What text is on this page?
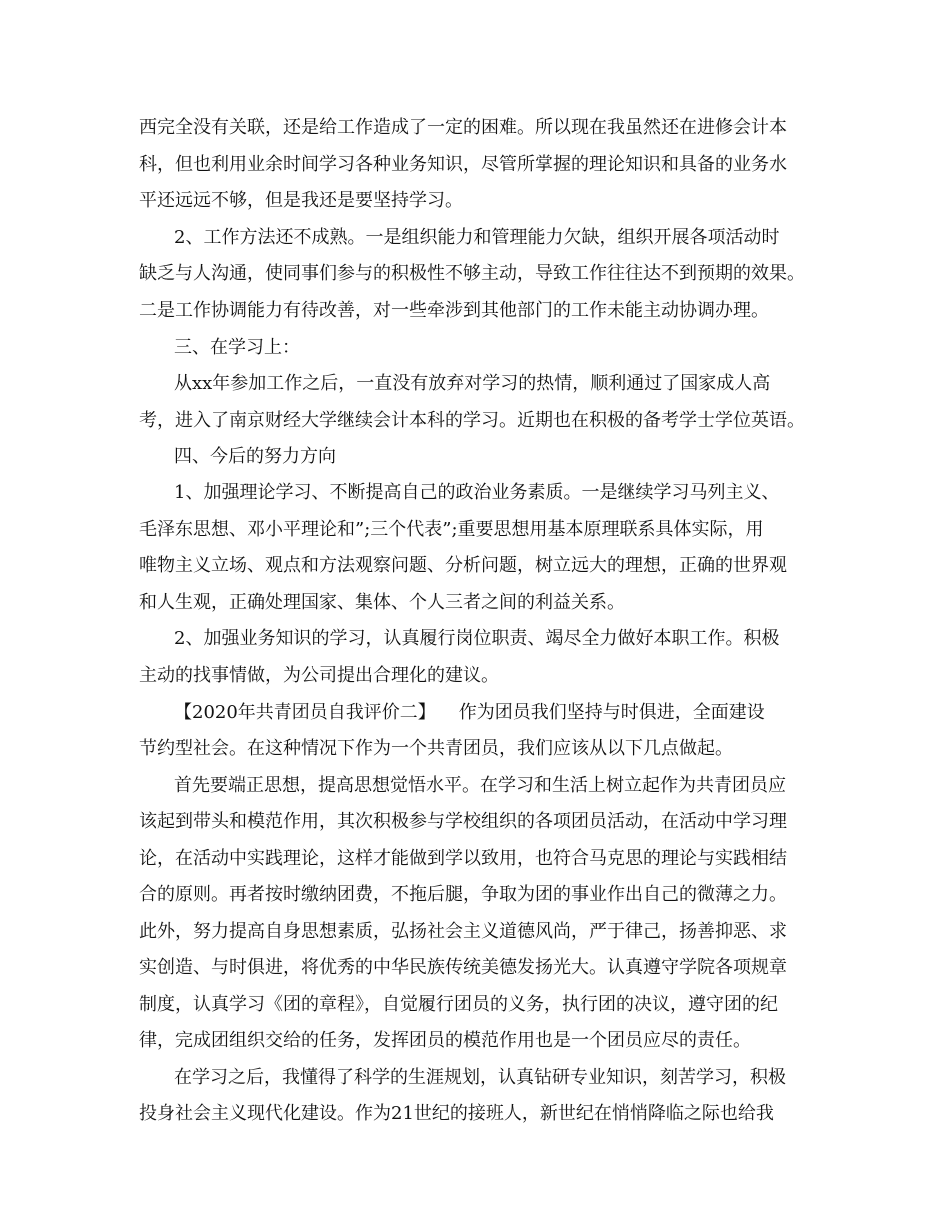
西完全没有关联，还是给工作造成了一定的困难。所以现在我虽然还在进修会计本
科，但也利用业余时间学习各种业务知识，尽管所掌握的理论知识和具备的业务水
平还远远不够，但是我还是要坚持学习。
2、工作方法还不成熟。一是组织能力和管理能力欠缺，组织开展各项活动时
缺乏与人沟通，使同事们参与的积极性不够主动，导致工作往往达不到预期的效果。
二是工作协调能力有待改善，对一些牵涉到其他部门的工作未能主动协调办理。
三、在学习上：
从xx年参加工作之后，一直没有放弃对学习的热情，顺利通过了国家成人高
考，进入了南京财经大学继续会计本科的学习。近期也在积极的备考学士学位英语。
四、今后的努力方向
1、加强理论学习、不断提高自己的政治业务素质。一是继续学习马列主义、
毛泽东思想、邓小平理论和”;三个代表”;重要思想用基本原理联系具体实际，用
唯物主义立场、观点和方法观察问题、分析问题，树立远大的理想，正确的世界观
和人生观，正确处理国家、集体、个人三者之间的利益关系。
2、加强业务知识的学习，认真履行岗位职责、竭尽全力做好本职工作。积极
主动的找事情做，为公司提出合理化的建议。
【2020年共青团员自我评价二】    作为团员我们坚持与时俱进，全面建设
节约型社会。在这种情况下作为一个共青团员，我们应该从以下几点做起。
首先要端正思想，提高思想觉悟水平。在学习和生活上树立起作为共青团员应
该起到带头和模范作用，其次积极参与学校组织的各项团员活动，在活动中学习理
论，在活动中实践理论，这样才能做到学以致用，也符合马克思的理论与实践相结
合的原则。再者按时缴纳团费，不拖后腿，争取为团的事业作出自己的微薄之力。
此外，努力提高自身思想素质，弘扬社会主义道德风尚，严于律己，扬善抑恶、求
实创造、与时俱进，将优秀的中华民族传统美德发扬光大。认真遵守学院各项规章
制度，认真学习《团的章程》，自觉履行团员的义务，执行团的决议，遵守团的纪
律，完成团组织交给的任务，发挥团员的模范作用也是一个团员应尽的责任。
在学习之后，我懂得了科学的生涯规划，认真钻研专业知识，刻苦学习，积极
投身社会主义现代化建设。作为21世纪的接班人，新世纪在悄悄降临之际也给我
